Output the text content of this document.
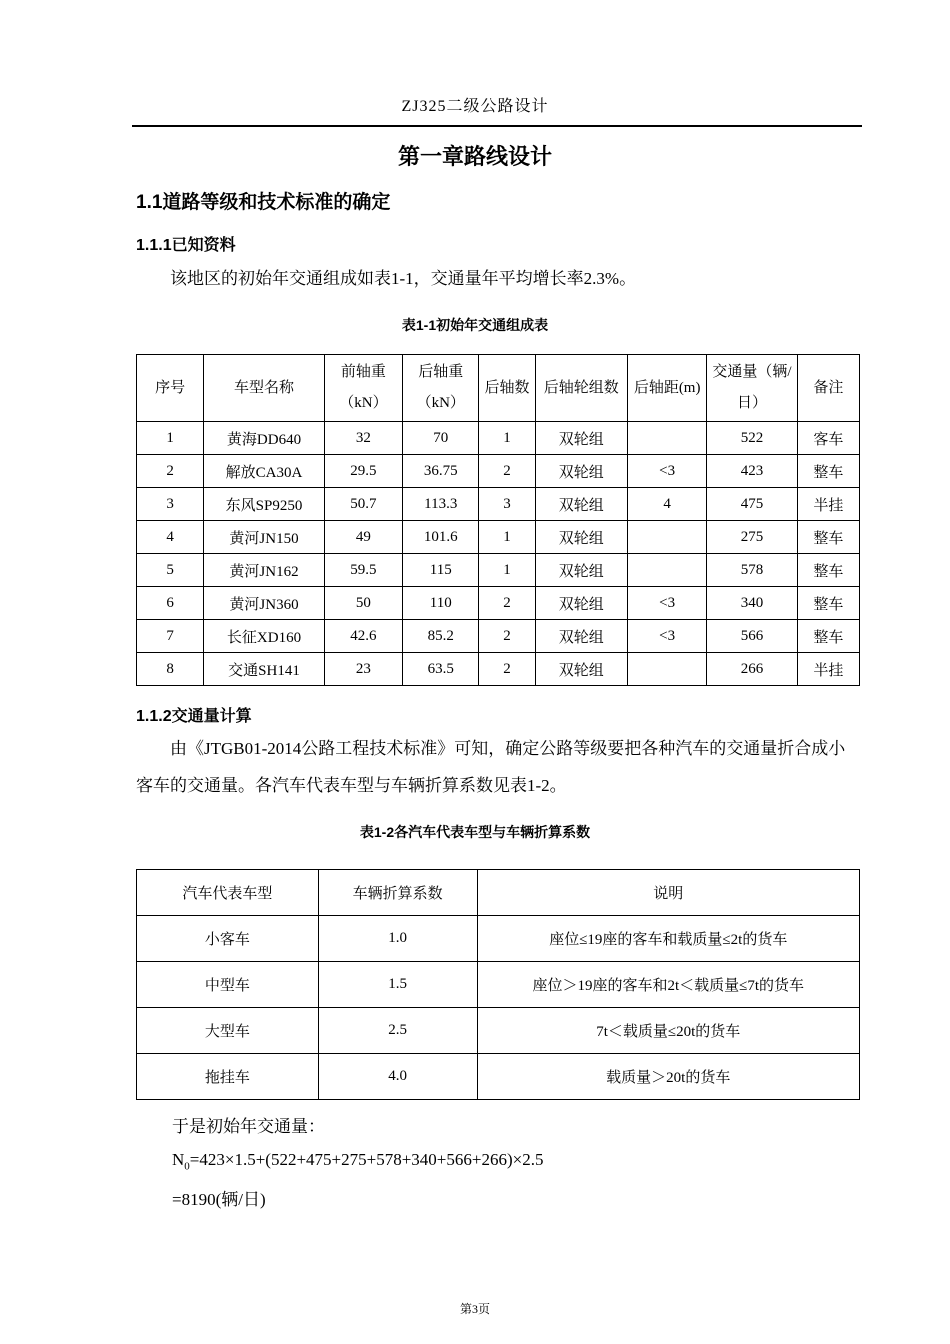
ZJ325二级公路设计
第一章路线设计
1.1道路等级和技术标准的确定
1.1.1已知资料
该地区的初始年交通组成如表1-1，交通量年平均增长率2.3%。
表1-1初始年交通组成表
序号	车型名称	前轴重（kN）	后轴重（kN）	后轴数	后轴轮组数	后轴距(m)	交通量（辆/日）	备注
1	黄海DD640	32	70	1	双轮组		522	客车
2	解放CA30A	29.5	36.75	2	双轮组	<3	423	整车
3	东风SP9250	50.7	113.3	3	双轮组	4	475	半挂
4	黄河JN150	49	101.6	1	双轮组		275	整车
5	黄河JN162	59.5	115	1	双轮组		578	整车
6	黄河JN360	50	110	2	双轮组	<3	340	整车
7	长征XD160	42.6	85.2	2	双轮组	<3	566	整车
8	交通SH141	23	63.5	2	双轮组		266	半挂
1.1.2交通量计算
由《JTGB01-2014公路工程技术标准》可知，确定公路等级要把各种汽车的交通量折合成小客车的交通量。各汽车代表车型与车辆折算系数见表1-2。
表1-2各汽车代表车型与车辆折算系数
汽车代表车型	车辆折算系数	说明
小客车	1.0	座位≤19座的客车和载质量≤2t的货车
中型车	1.5	座位＞19座的客车和2t＜载质量≤7t的货车
大型车	2.5	7t＜载质量≤20t的货车
拖挂车	4.0	载质量＞20t的货车
于是初始年交通量：
$N_0=423\times 1.5+(522+475+275+578+340+566+266)\times 2.5$
=8190(辆/日)
第3页
